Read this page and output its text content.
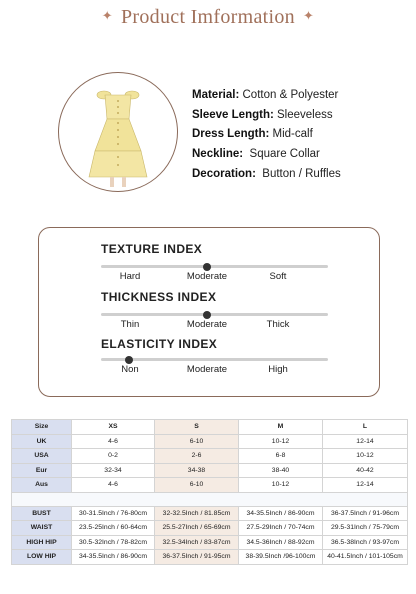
✦ Product Imformation ✦
Material: Cotton & Polyester
Sleeve Length: Sleeveless
Dress Length: Mid-calf
Neckline: Square Collar
Decoration: Button / Ruffles
TEXTURE INDEX
Hard	Moderate	Soft
THICKNESS INDEX
Thin	Moderate	Thick
ELASTICITY INDEX
Non	Moderate	High
Size	XS	S	M	L
UK	4-6	6-10	10-12	12-14
USA	0-2	2-6	6-8	10-12
Eur	32-34	34-38	38-40	40-42
Aus	4-6	6-10	10-12	12-14

BUST	30-31.5Inch / 76-80cm	32-32.5Inch / 81.85cm	34-35.5Inch / 86-90cm	36-37.5Inch / 91-96cm
WAIST	23.5-25Inch / 60-64cm	25.5-27Inch / 65-69cm	27.5-29Inch / 70-74cm	29.5-31Inch / 75-79cm
HIGH HIP	30.5-32Inch / 78-82cm	32.5-34Inch / 83-87cm	34.5-36Inch / 88-92cm	36.5-38Inch / 93-97cm
LOW HIP	34-35.5Inch / 86-90cm	36-37.5Inch / 91-95cm	38-39.5Inch /96-100cm	40-41.5Inch / 101-105cm
